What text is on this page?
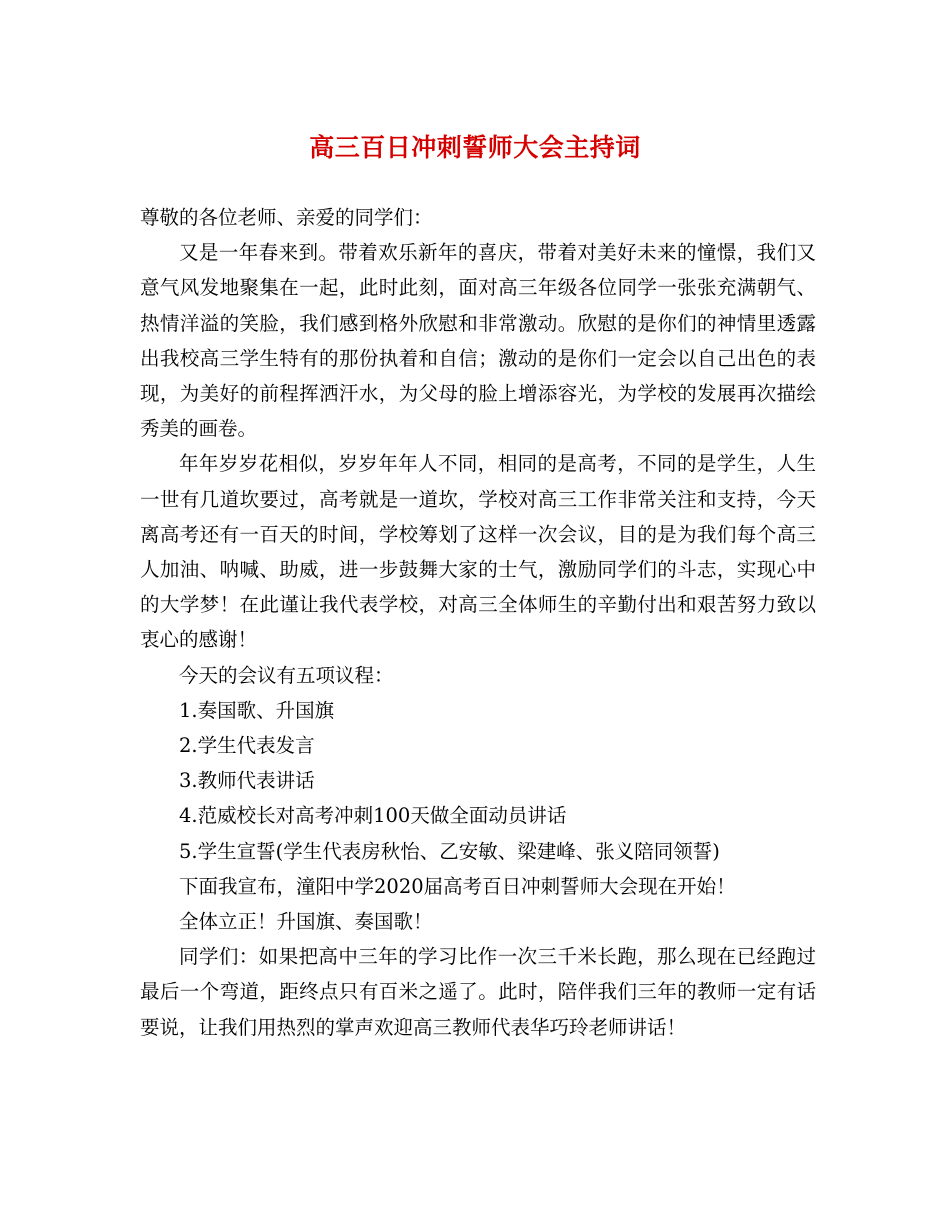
高三百日冲刺誓师大会主持词

尊敬的各位老师、亲爱的同学们：

又是一年春来到。带着欢乐新年的喜庆，带着对美好未来的憧憬，我们又意气风发地聚集在一起，此时此刻，面对高三年级各位同学一张张充满朝气、热情洋溢的笑脸，我们感到格外欣慰和非常激动。欣慰的是你们的神情里透露出我校高三学生特有的那份执着和自信；激动的是你们一定会以自己出色的表现，为美好的前程挥洒汗水，为父母的脸上增添容光，为学校的发展再次描绘秀美的画卷。

年年岁岁花相似，岁岁年年人不同，相同的是高考，不同的是学生，人生一世有几道坎要过，高考就是一道坎，学校对高三工作非常关注和支持，今天离高考还有一百天的时间，学校筹划了这样一次会议，目的是为我们每个高三人加油、呐喊、助威，进一步鼓舞大家的士气，激励同学们的斗志，实现心中的大学梦！在此谨让我代表学校，对高三全体师生的辛勤付出和艰苦努力致以衷心的感谢！

今天的会议有五项议程：

1.奏国歌、升国旗

2.学生代表发言

3.教师代表讲话

4.范威校长对高考冲刺100天做全面动员讲话

5.学生宣誓(学生代表房秋怡、乙安敏、梁建峰、张义陪同领誓)

下面我宣布，潼阳中学2020届高考百日冲刺誓师大会现在开始！

全体立正！升国旗、奏国歌！

同学们：如果把高中三年的学习比作一次三千米长跑，那么现在已经跑过最后一个弯道，距终点只有百米之遥了。此时，陪伴我们三年的教师一定有话要说，让我们用热烈的掌声欢迎高三教师代表华巧玲老师讲话！
